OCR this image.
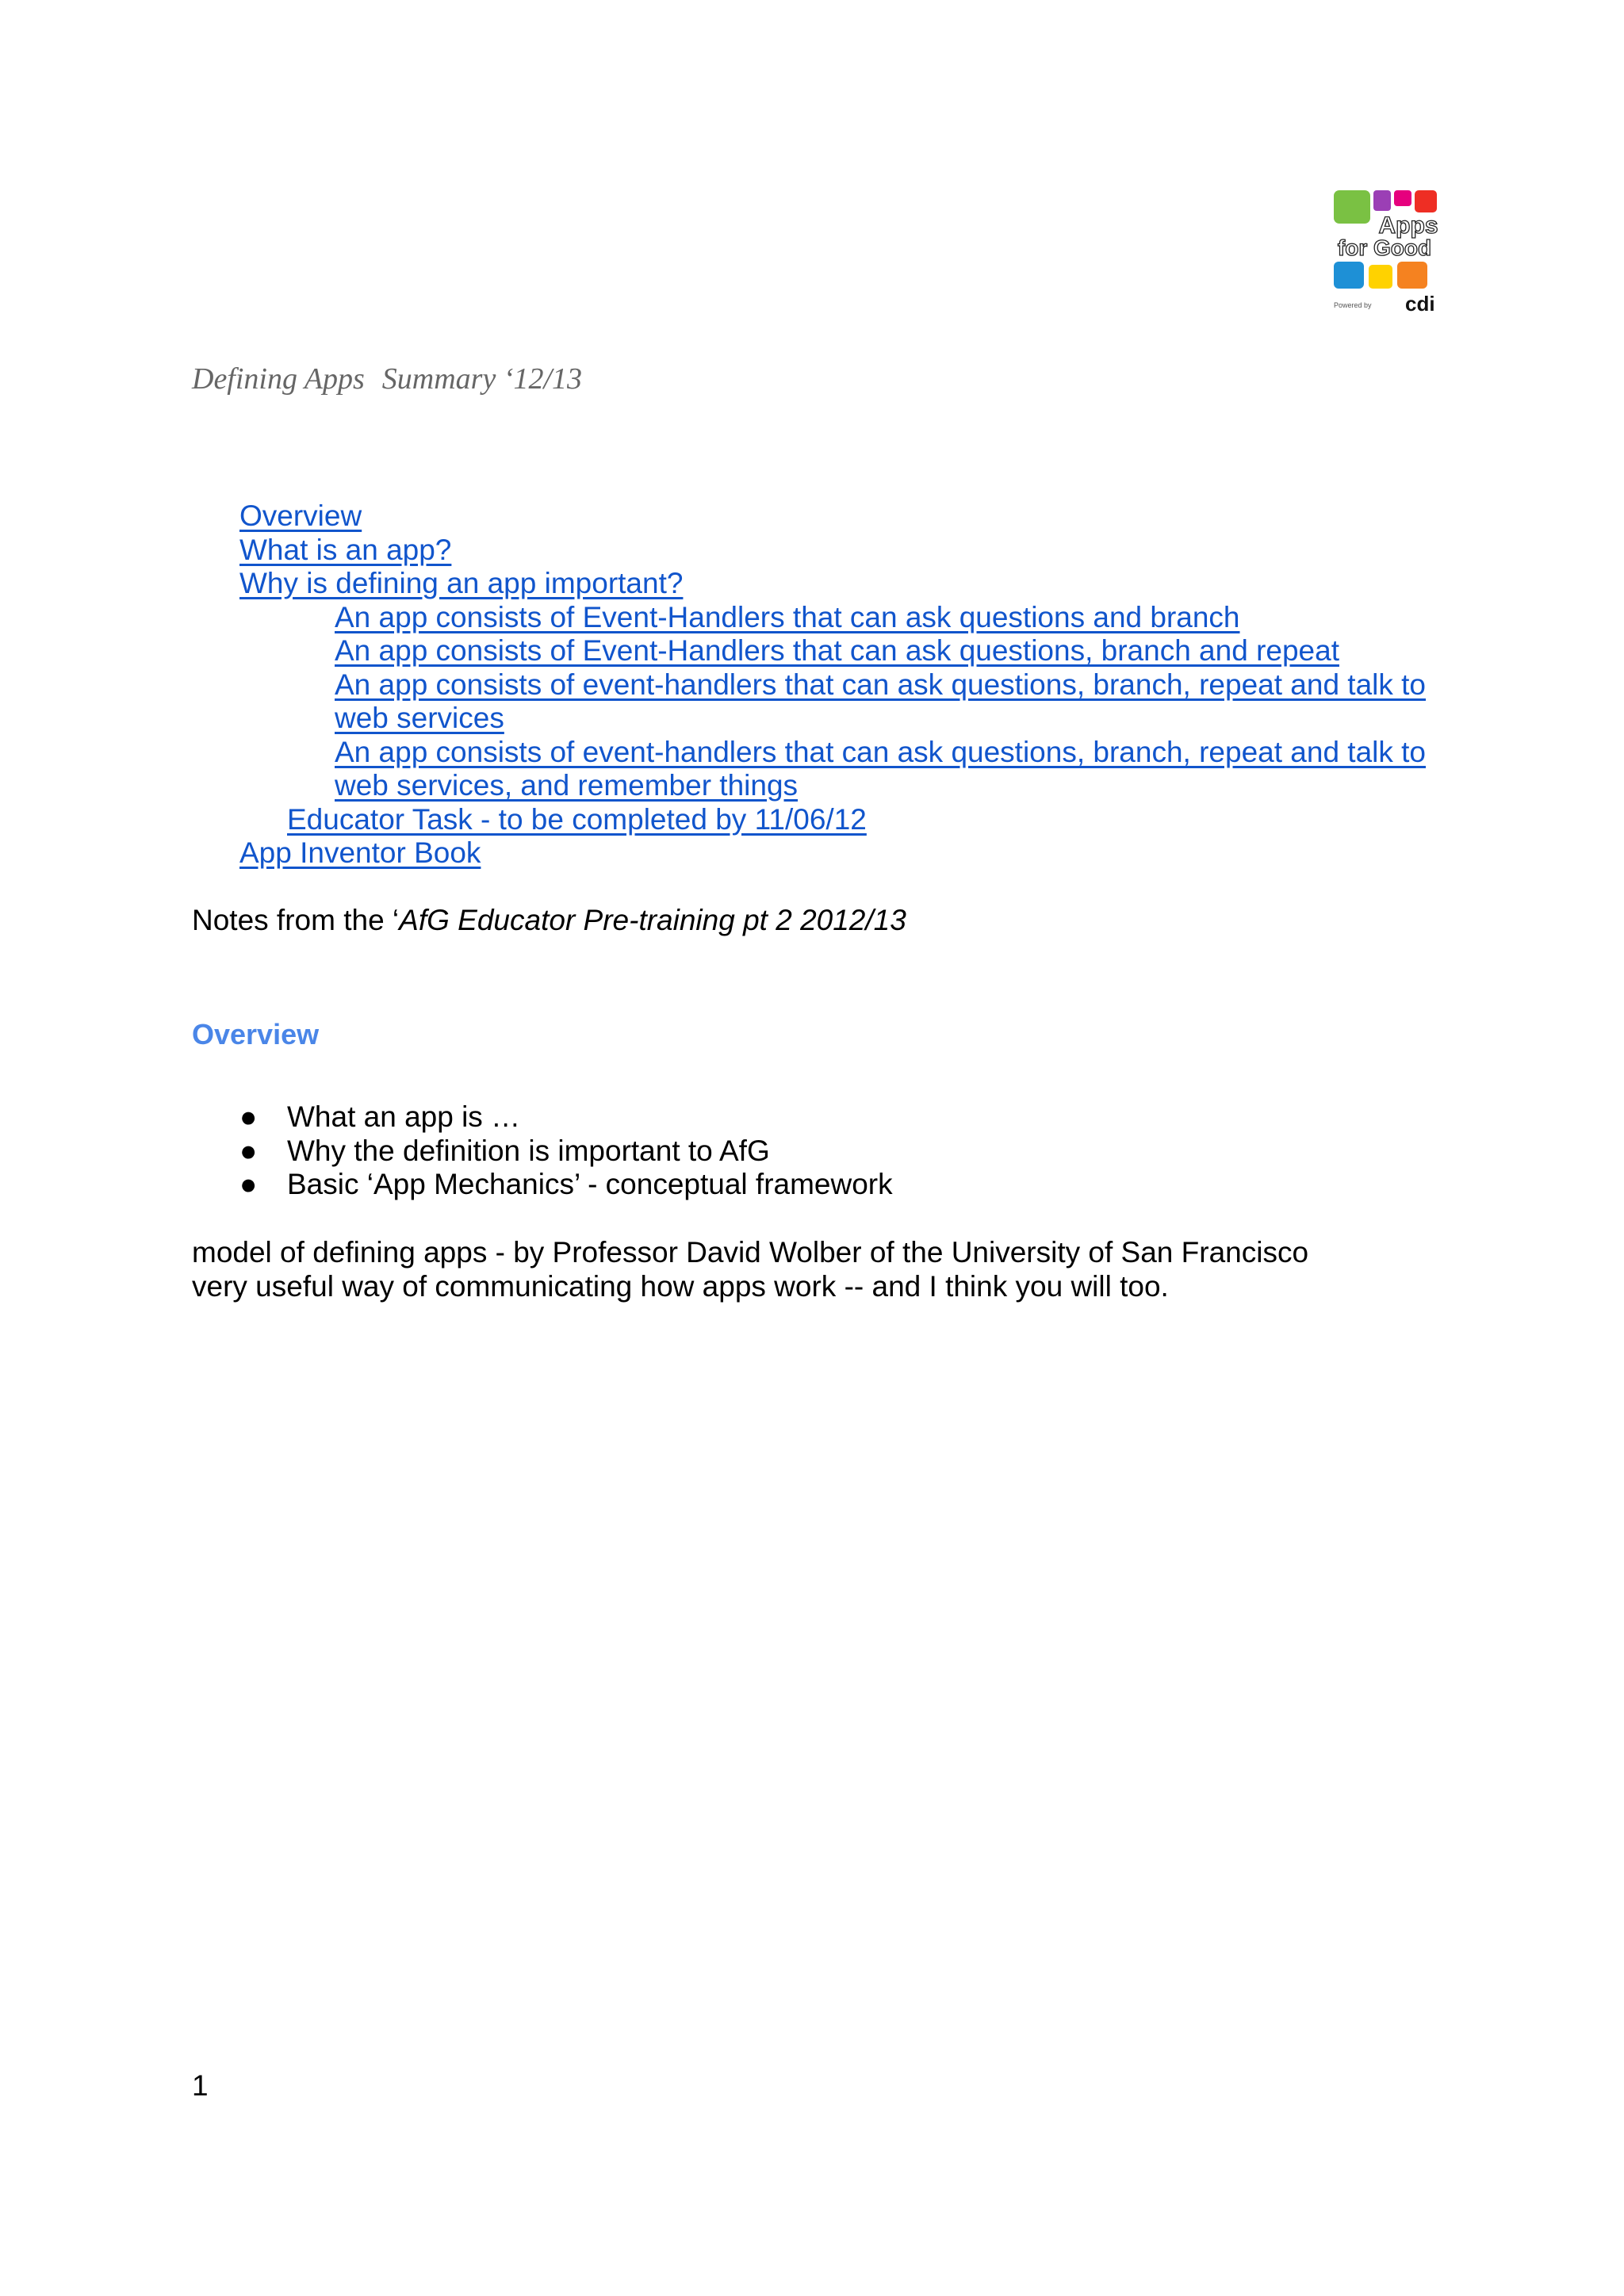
Apps
for Good
Powered by cdi
Defining Apps Summary ‘12/13
Overview
What is an app?
Why is defining an app important?
An app consists of Event-Handlers that can ask questions and branch
An app consists of Event-Handlers that can ask questions, branch and repeat
An app consists of event-handlers that can ask questions, branch, repeat and talk to
web services
An app consists of event-handlers that can ask questions, branch, repeat and talk to
web services, and remember things
Educator Task - to be completed by 11/06/12
App Inventor Book
Notes from the ‘AfG Educator Pre-training pt 2 2012/13
Overview
● What an app is …
● Why the definition is important to AfG
● Basic ‘App Mechanics’ - conceptual framework
model of defining apps - by Professor David Wolber of the University of San Francisco
very useful way of communicating how apps work -- and I think you will too.
1
